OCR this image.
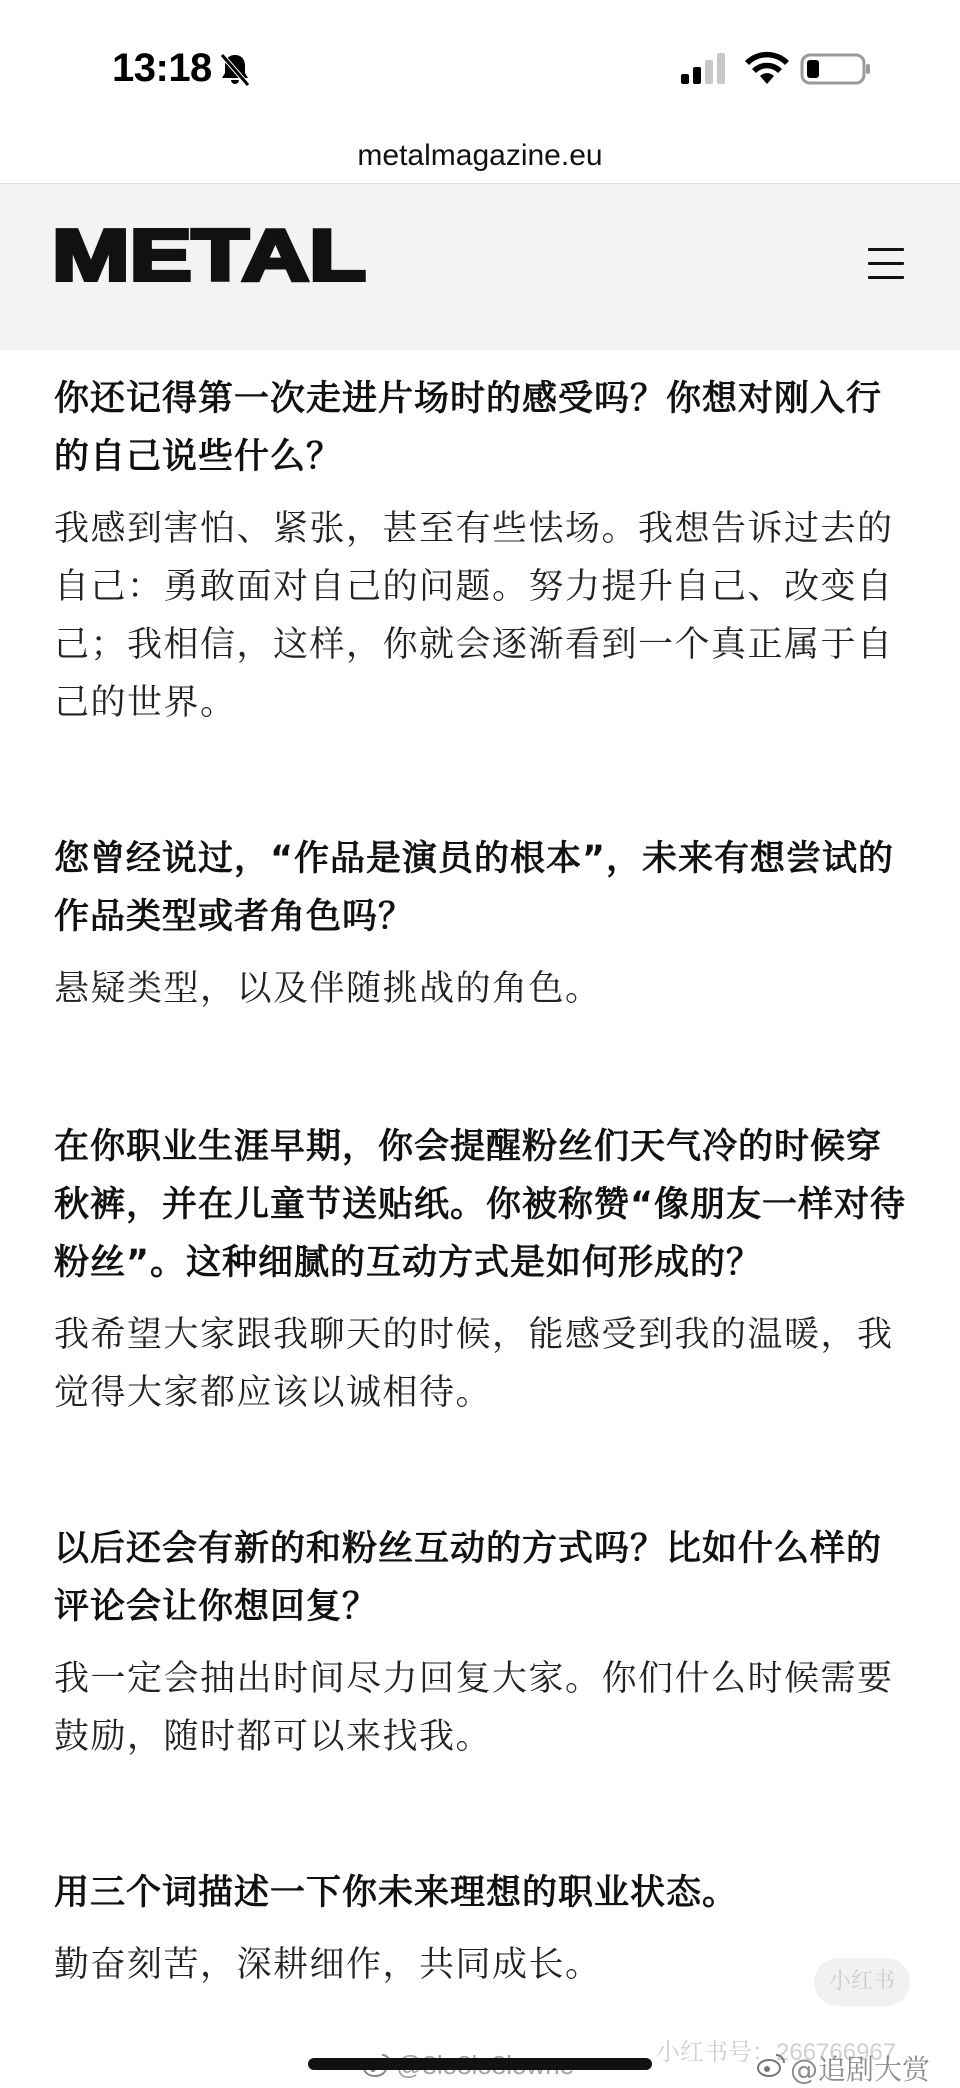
13:18
metalmagazine.eu
METAL

你还记得第一次走进片场时的感受吗？你想对刚入行的自己说些什么？

我感到害怕、紧张，甚至有些怯场。我想告诉过去的自己：勇敢面对自己的问题。努力提升自己、改变自己；我相信，这样，你就会逐渐看到一个真正属于自己的世界。

您曾经说过，“作品是演员的根本”，未来有想尝试的作品类型或者角色吗？

悬疑类型，以及伴随挑战的角色。

在你职业生涯早期，你会提醒粉丝们天气冷的时候穿秋裤，并在儿童节送贴纸。你被称赞“像朋友一样对待粉丝”。这种细腻的互动方式是如何形成的？

我希望大家跟我聊天的时候，能感受到我的温暖，我觉得大家都应该以诚相待。

以后还会有新的和粉丝互动的方式吗？比如什么样的评论会让你想回复？

我一定会抽出时间尽力回复大家。你们什么时候需要鼓励，随时都可以来找我。

用三个词描述一下你未来理想的职业状态。

勤奋刻苦，深耕细作，共同成长。	小红书
小红书号：266766967
@追剧大赏
